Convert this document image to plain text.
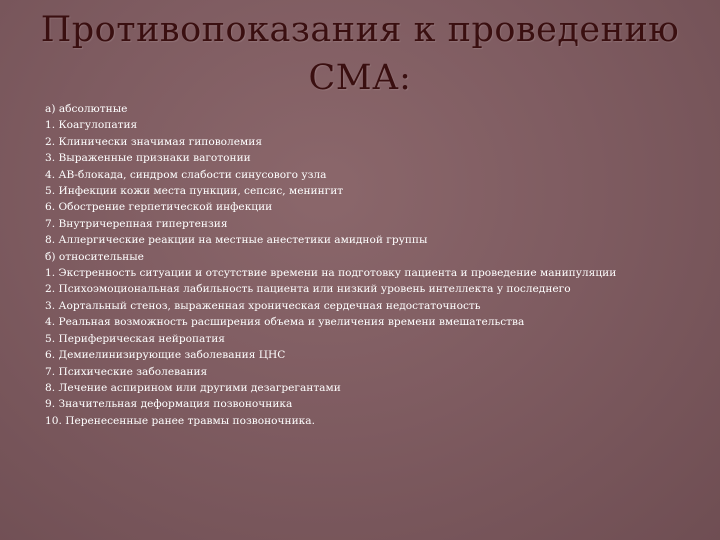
Противопоказания к проведению
СМА:
а) абсолютные
1. Коагулопатия
2. Клинически значимая гиповолемия
3. Выраженные признаки ваготонии
4. АВ-блокада, синдром слабости синусового узла
5. Инфекции кожи места пункции, сепсис, менингит
6. Обострение герпетической инфекции
7. Внутричерепная гипертензия
8. Аллергические реакции на местные анестетики амидной группы
б) относительные
1. Экстренность ситуации и отсутствие времени на подготовку пациента и проведение манипуляции
2. Психоэмоциональная лабильность пациента или низкий уровень интеллекта у последнего
3. Аортальный стеноз, выраженная хроническая сердечная недостаточность
4. Реальная возможность расширения объема и увеличения времени вмешательства
5. Периферическая нейропатия
6. Демиелинизирующие заболевания ЦНС
7. Психические заболевания
8. Лечение аспирином или другими дезагрегантами
9. Значительная деформация позвоночника
10. Перенесенные ранее травмы позвоночника.
